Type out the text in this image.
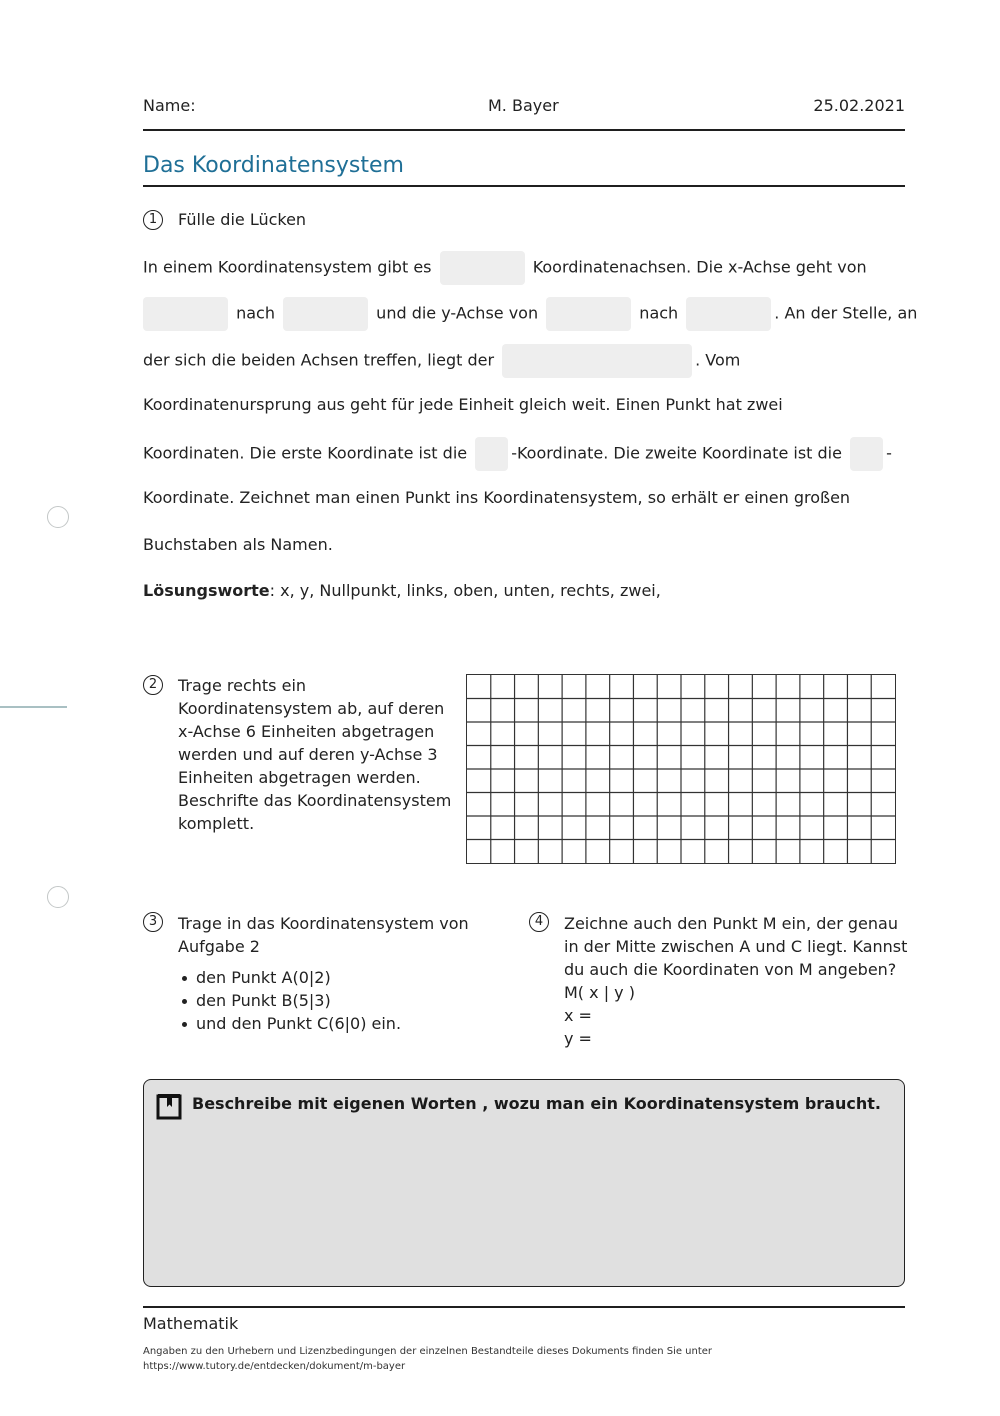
Name:	M. Bayer	25.02.2021
Das Koordinatensystem
1	Fülle die Lücken
In einem Koordinatensystem gibt es	Koordinatenachsen. Die x-Achse geht von
nach	und die y-Achse von	nach	. An der Stelle, an
der sich die beiden Achsen treffen, liegt der	. Vom
Koordinatenursprung aus geht für jede Einheit gleich weit. Einen Punkt hat zwei
Koordinaten. Die erste Koordinate ist die	-Koordinate. Die zweite Koordinate ist die	-
Koordinate. Zeichnet man einen Punkt ins Koordinatensystem, so erhält er einen großen
Buchstaben als Namen.
Lösungsworte: x, y, Nullpunkt, links, oben, unten, rechts, zwei,
2	Trage rechts ein Koordinatensystem ab, auf deren x-Achse 6 Einheiten abgetragen werden und auf deren y-Achse 3 Einheiten abgetragen werden. Beschrifte das Koordinatensystem komplett.
3	Trage in das Koordinatensystem von Aufgabe 2
den Punkt A(0|2)
den Punkt B(5|3)
und den Punkt C(6|0) ein.
4	Zeichne auch den Punkt M ein, der genau in der Mitte zwischen A und C liegt. Kannst du auch die Koordinaten von M angeben? M( x | y )
x =
y =
Beschreibe mit eigenen Worten , wozu man ein Koordinatensystem braucht.
Mathematik
Angaben zu den Urhebern und Lizenzbedingungen der einzelnen Bestandteile dieses Dokuments finden Sie unter
https://www.tutory.de/entdecken/dokument/m-bayer
